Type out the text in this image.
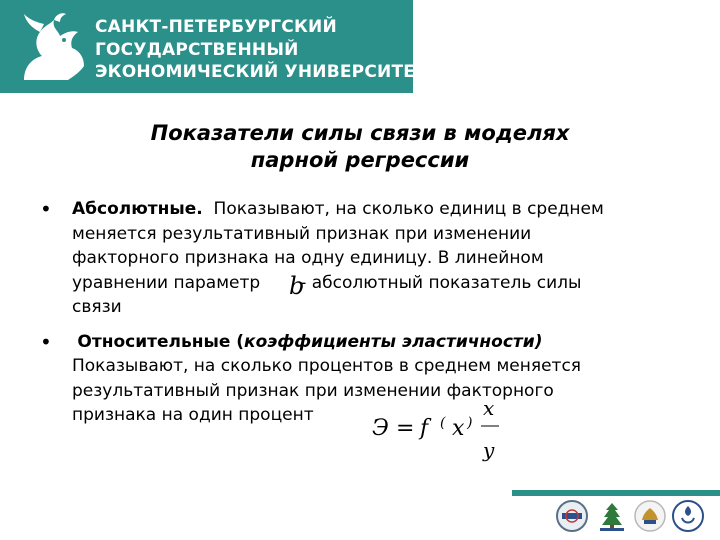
САНКТ-ПЕТЕРБУРГСКИЙ
ГОСУДАРСТВЕННЫЙ
ЭКОНОМИЧЕСКИЙ УНИВЕРСИТЕТ
Показатели силы связи в моделях
парной регрессии
• Абсолютные. Показывают, на сколько единиц в среднем
меняется результативный признак при изменении
факторного признака на одну единицу. В линейном
уравнении параметр - абсолютный показатель силы
связи
•	Относительные (коэффициенты эластичности)
Показывают, на сколько процентов в среднем меняется
результативный признак при изменении факторного
признака на один процент
b
Э = f ( x )
x
y
